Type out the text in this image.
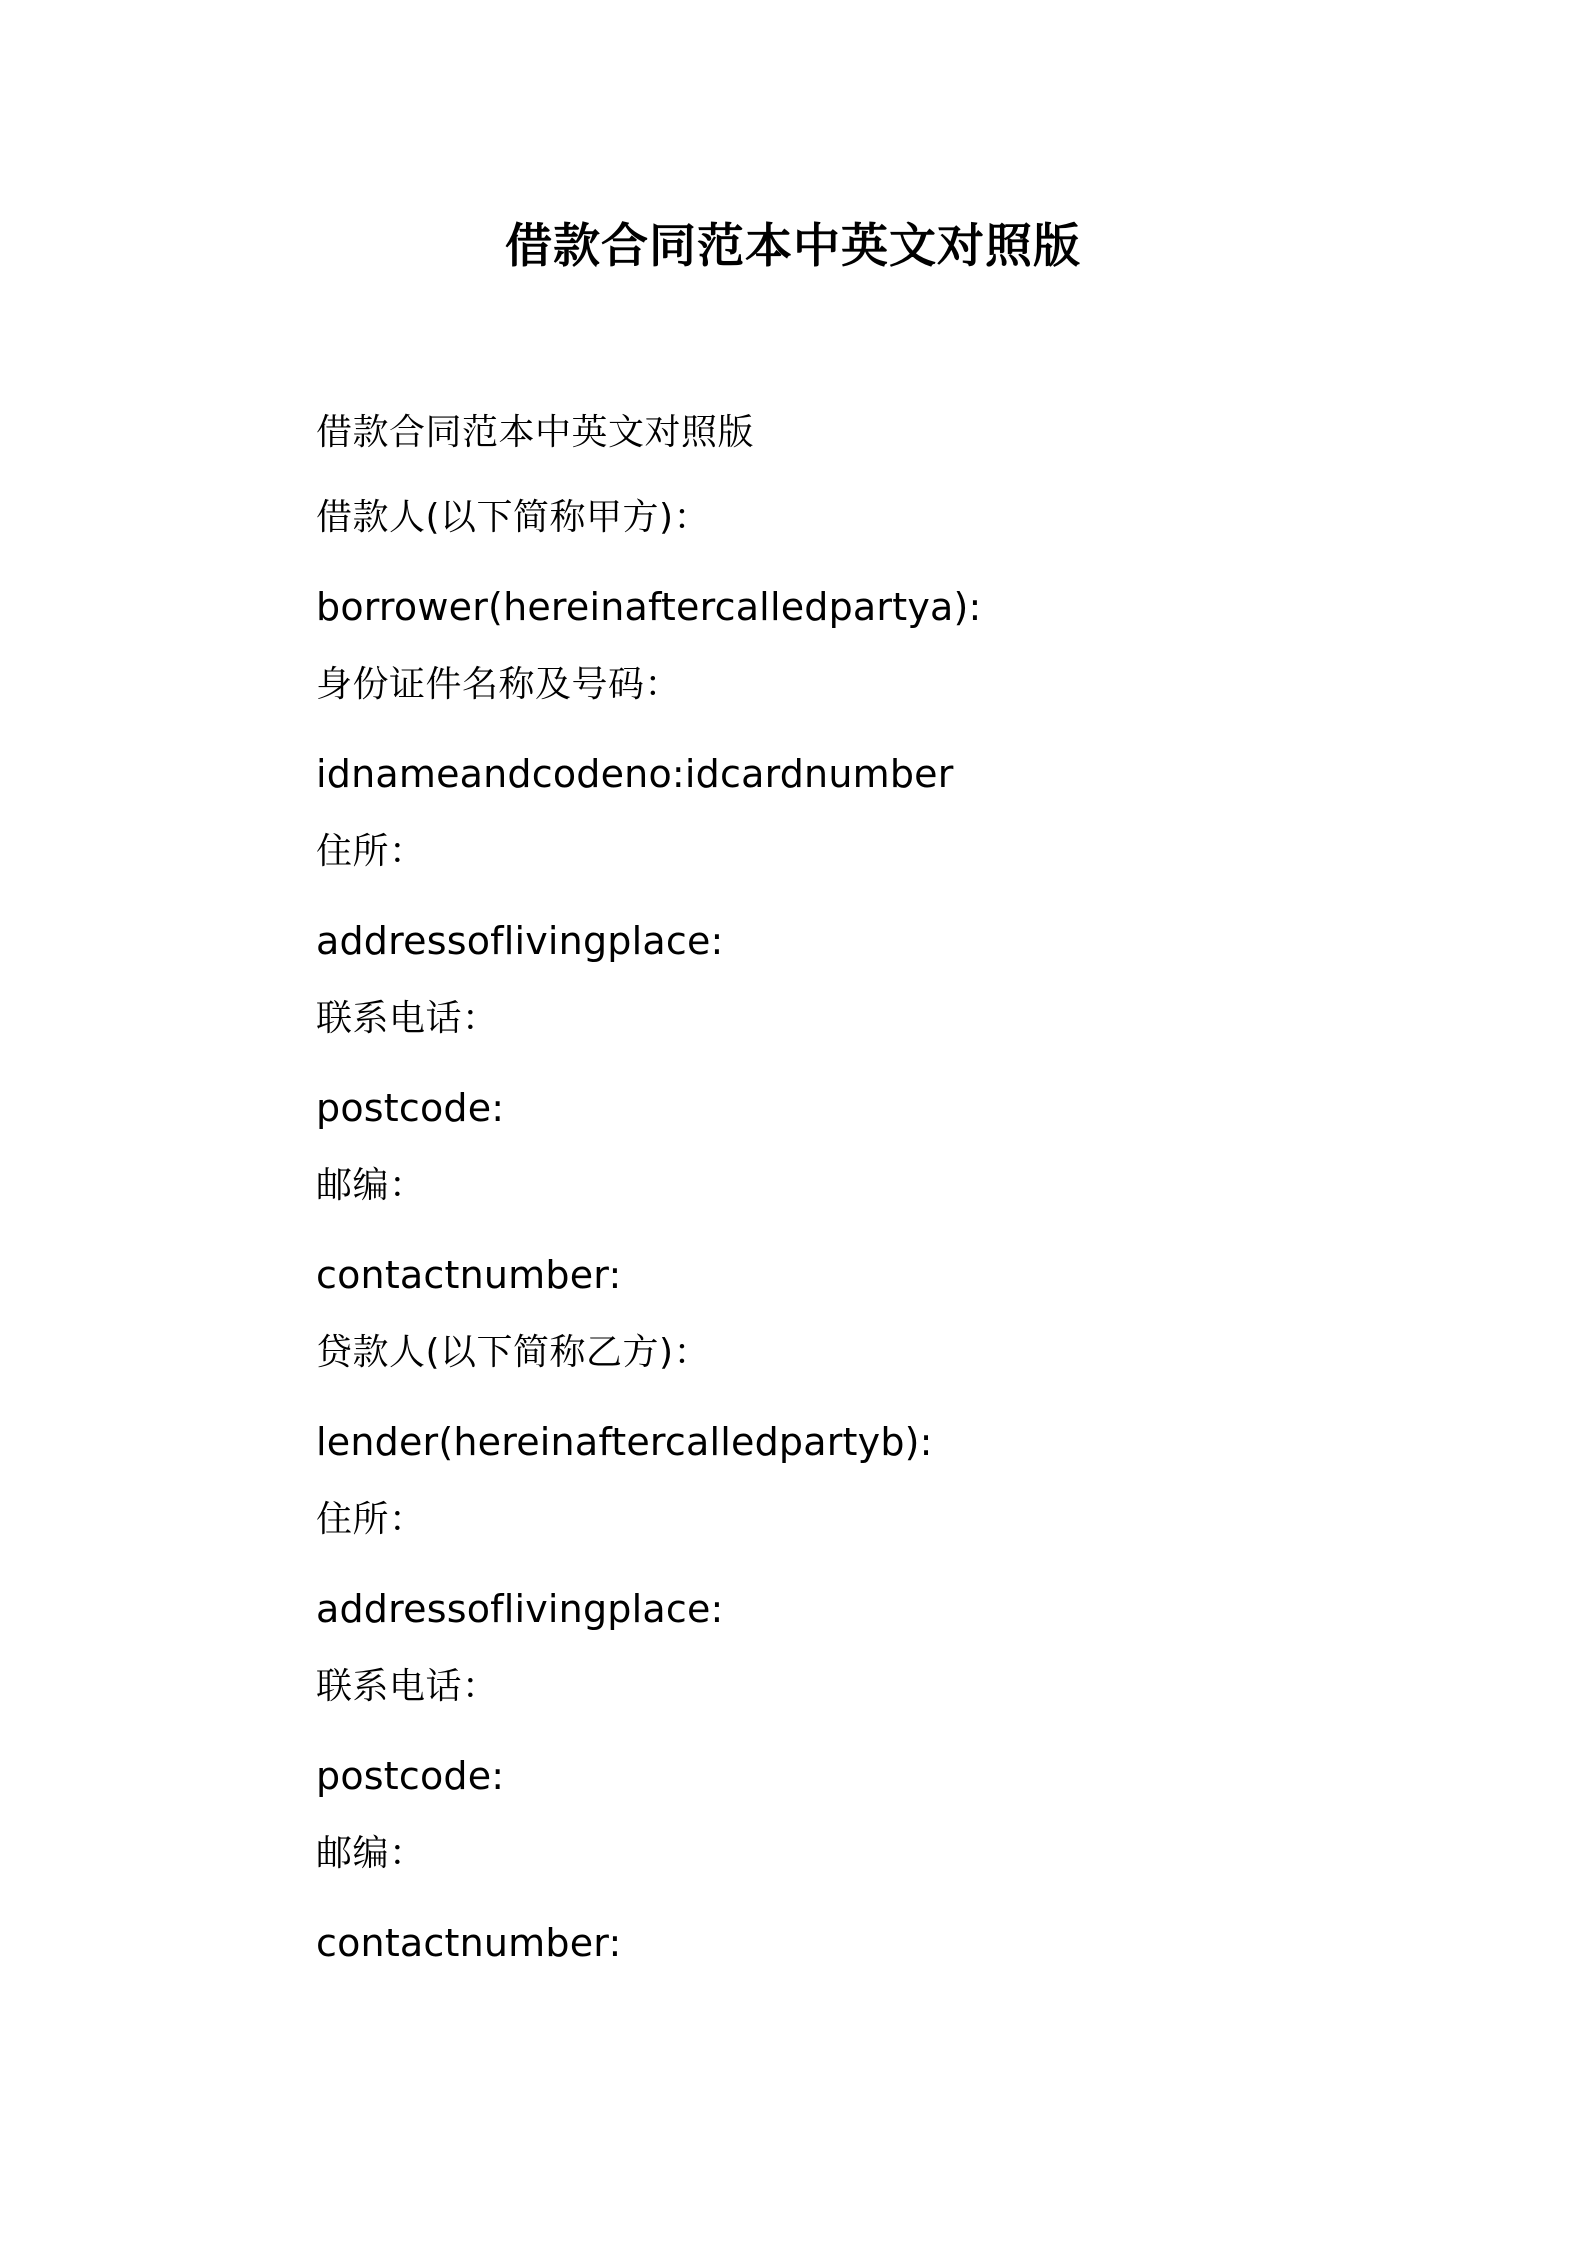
借款合同范本中英文对照版
借款合同范本中英文对照版
借款人(以下简称甲方)：
borrower(hereinaftercalledpartya):
身份证件名称及号码：
idnameandcodeno:idcardnumber
住所：
addressoflivingplace:
联系电话：
postcode:
邮编：
contactnumber:
贷款人(以下简称乙方)：
lender(hereinaftercalledpartyb):
住所：
addressoflivingplace:
联系电话：
postcode:
邮编：
contactnumber:
